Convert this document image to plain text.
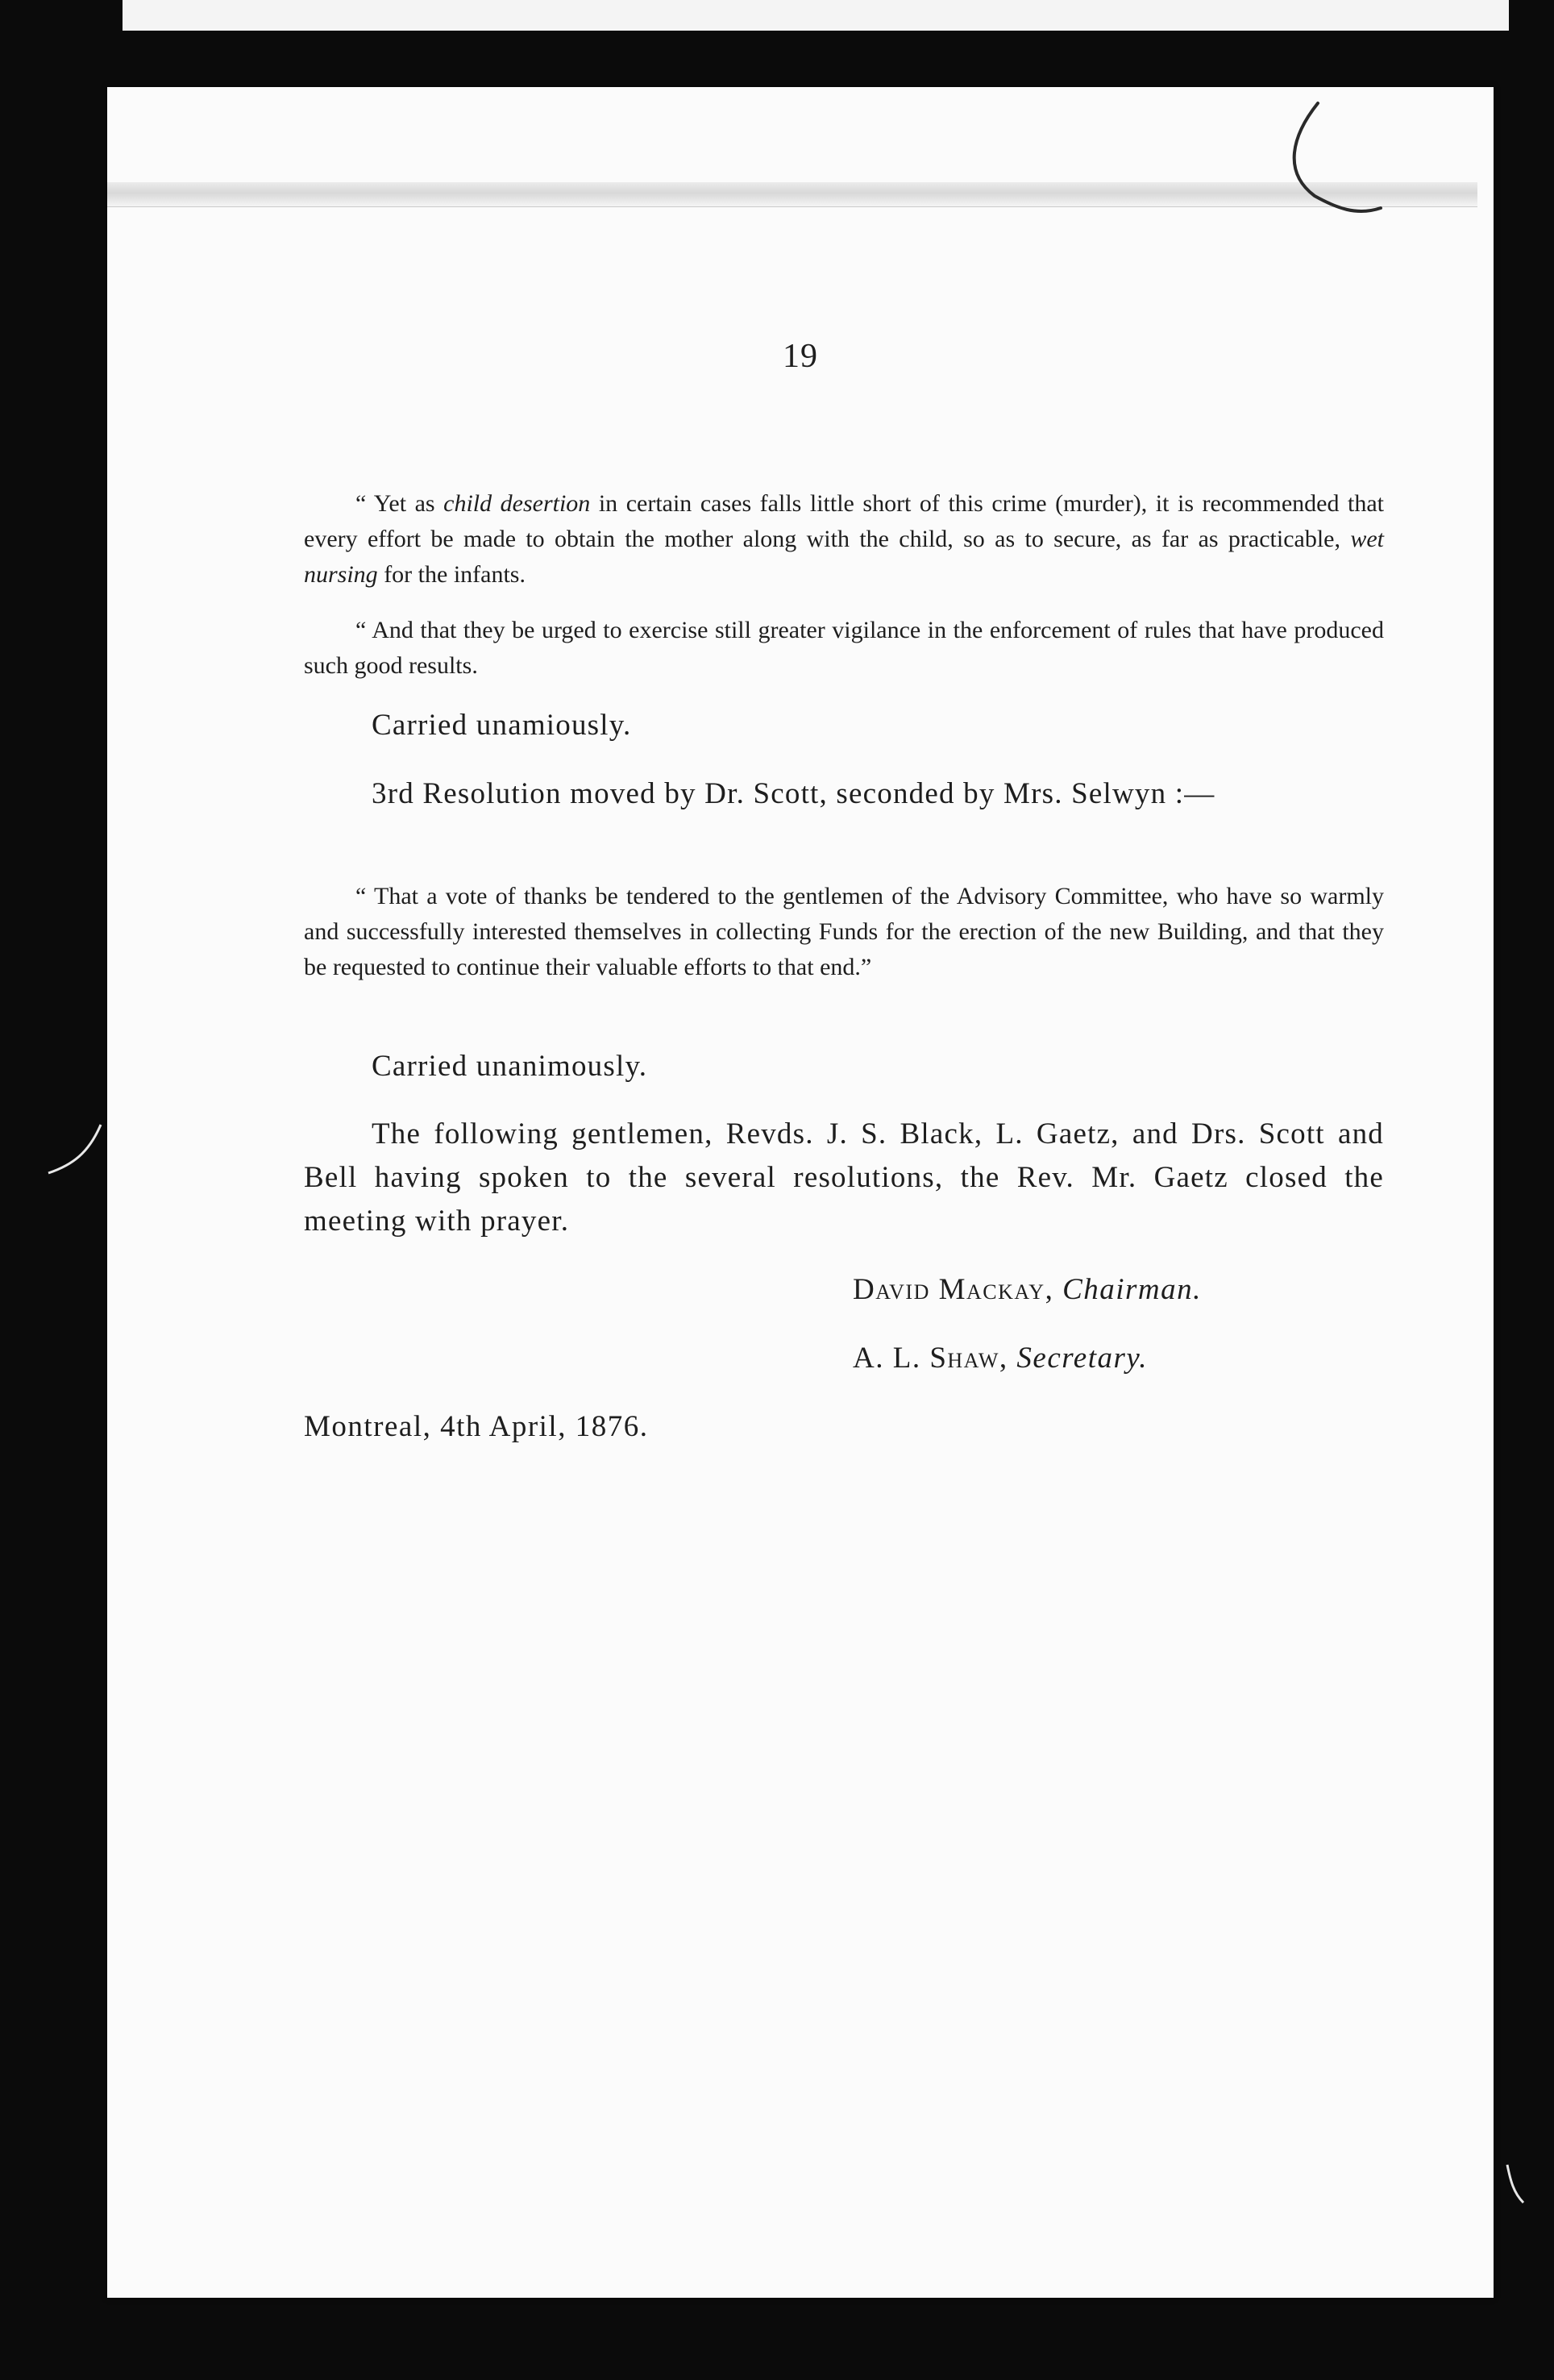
19
“ Yet as child desertion in certain cases falls little short of this crime (murder), it is recommended that every effort be made to obtain the mother along with the child, so as to secure, as far as practicable, wet nursing for the infants.
“ And that they be urged to exercise still greater vigilance in the enforcement of rules that have produced such good results.
Carried unamiously.
3rd Resolution moved by Dr. Scott, seconded by Mrs. Selwyn :—
“ That a vote of thanks be tendered to the gentlemen of the Advisory Committee, who have so warmly and successfully interested themselves in collecting Funds for the erection of the new Building, and that they be requested to continue their valuable efforts to that end.”
Carried unanimously.
The following gentlemen, Revds. J. S. Black, L. Gaetz, and Drs. Scott and Bell having spoken to the several resolutions, the Rev. Mr. Gaetz closed the meeting with prayer.
David Mackay, Chairman.
A. L. Shaw, Secretary.
Montreal, 4th April, 1876.
